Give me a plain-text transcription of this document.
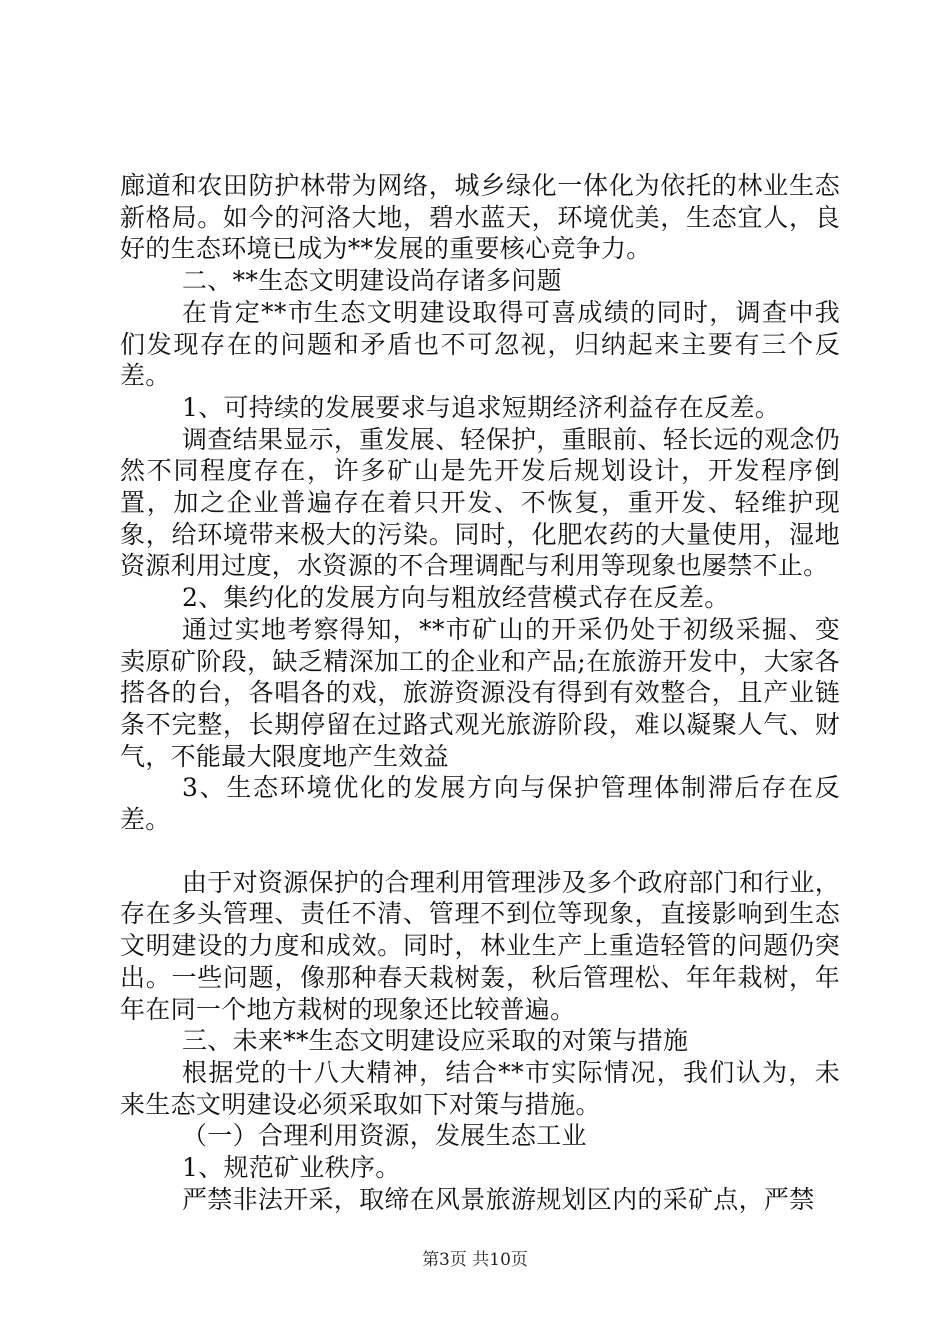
廊道和农田防护林带为网络，城乡绿化一体化为依托的林业生态新格局。如今的河洛大地，碧水蓝天，环境优美，生态宜人，良好的生态环境已成为**发展的重要核心竞争力。

二、**生态文明建设尚存诸多问题

在肯定**市生态文明建设取得可喜成绩的同时，调查中我们发现存在的问题和矛盾也不可忽视，归纳起来主要有三个反差。

1、可持续的发展要求与追求短期经济利益存在反差。

调查结果显示，重发展、轻保护，重眼前、轻长远的观念仍然不同程度存在，许多矿山是先开发后规划设计，开发程序倒置，加之企业普遍存在着只开发、不恢复，重开发、轻维护现象，给环境带来极大的污染。同时，化肥农药的大量使用，湿地资源利用过度，水资源的不合理调配与利用等现象也屡禁不止。

2、集约化的发展方向与粗放经营模式存在反差。

通过实地考察得知，**市矿山的开采仍处于初级采掘、变卖原矿阶段，缺乏精深加工的企业和产品;在旅游开发中，大家各搭各的台，各唱各的戏，旅游资源没有得到有效整合，且产业链条不完整，长期停留在过路式观光旅游阶段，难以凝聚人气、财气，不能最大限度地产生效益

3、生态环境优化的发展方向与保护管理体制滞后存在反差。

由于对资源保护的合理利用管理涉及多个政府部门和行业，存在多头管理、责任不清、管理不到位等现象，直接影响到生态文明建设的力度和成效。同时，林业生产上重造轻管的问题仍突出。一些问题，像那种春天栽树轰，秋后管理松、年年栽树，年年在同一个地方栽树的现象还比较普遍。

三、未来**生态文明建设应采取的对策与措施

根据党的十八大精神，结合**市实际情况，我们认为，未来生态文明建设必须采取如下对策与措施。

（一）合理利用资源，发展生态工业

1、规范矿业秩序。

严禁非法开采，取缔在风景旅游规划区内的采矿点，严禁

第3页 共10页
